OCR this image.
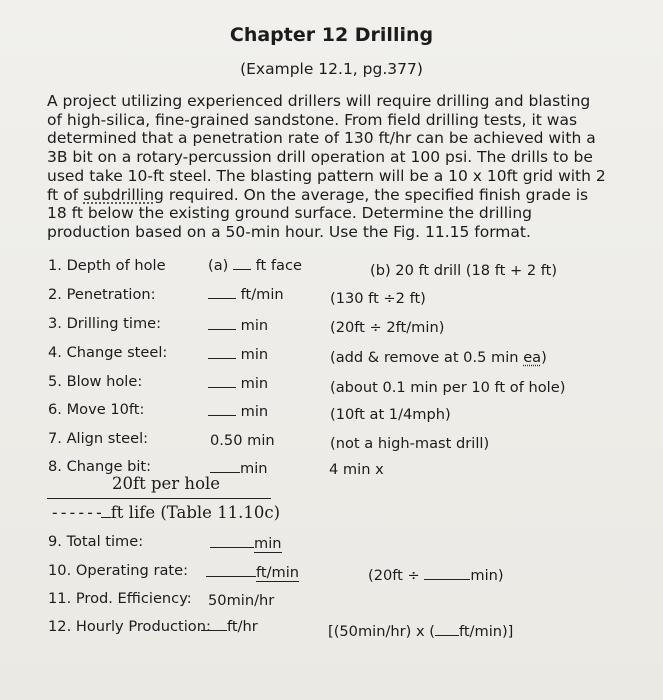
Chapter 12 Drilling
(Example 12.1, pg.377)
A project utilizing experienced drillers will require drilling and blasting of high-silica, fine-grained sandstone. From field drilling tests, it was determined that a penetration rate of 130 ft/hr can be achieved with a 3B bit on a rotary-percussion drill operation at 100 psi. The drills to be used take 10-ft steel. The blasting pattern will be a 10 x 10ft grid with 2 ft of subdrilling required. On the average, the specified finish grade is 18 ft below the existing ground surface. Determine the drilling production based on a 50-min hour. Use the Fig. 11.15 format.
1. Depth of hole	(a) ft face	(b) 20 ft drill (18 ft + 2 ft)
2. Penetration:	ft/min	(130 ft ÷2 ft)
3. Drilling time:	min	(20ft ÷ 2ft/min)
4. Change steel:	min	(add & remove at 0.5 min ea)
5. Blow hole:	min	(about 0.1 min per 10 ft of hole)
6. Move 10ft:	min	(10ft at 1/4mph)
7. Align steel:	0.50 min	(not a high-mast drill)
8. Change bit:	min	4 min x
20ft per hole
- - - - - - ft life (Table 11.10c)
9. Total time:	min
10. Operating rate:	ft/min	(20ft ÷	min)
11. Prod. Efficiency: 50min/hr
12. Hourly Production:	ft/hr	[(50min/hr) x ( ft/min)]
